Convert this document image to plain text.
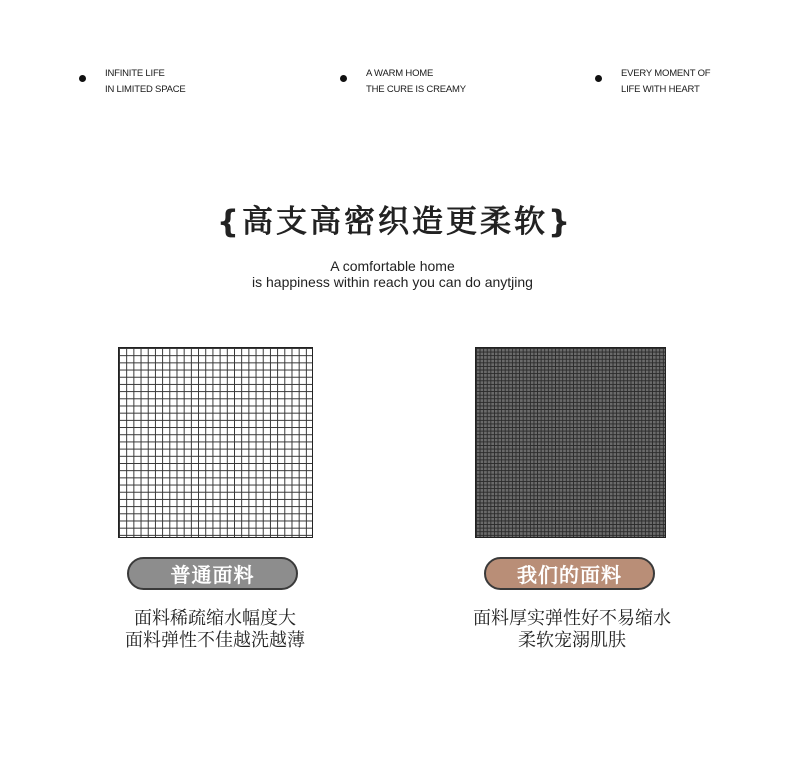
INFINITE LIFE
IN LIMITED SPACE
A WARM HOME
THE CURE IS CREAMY
EVERY MOMENT OF
LIFE WITH HEART
{高支高密织造更柔软}
A comfortable home
is happiness within reach you can do anytjing
普通面料	我们的面料
面料稀疏缩水幅度大
面料弹性不佳越洗越薄
面料厚实弹性好不易缩水
柔软宠溺肌肤
